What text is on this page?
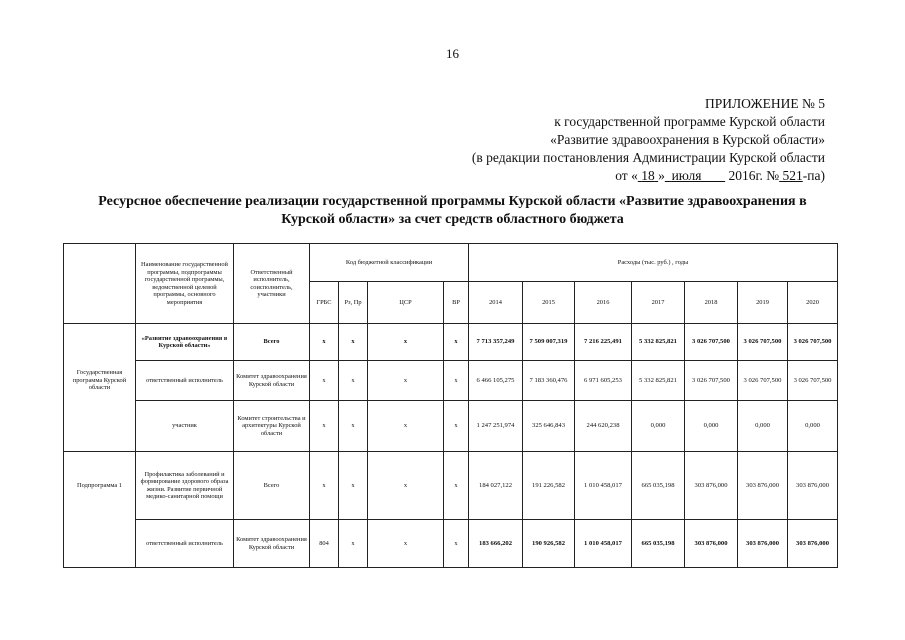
16
ПРИЛОЖЕНИЕ № 5
к государственной программе Курской области
«Развитие здравоохранения в Курской области»
(в редакции постановления Администрации Курской области
от « 18 » июля 2016г. № 521-па)
Ресурсное обеспечение реализации государственной программы Курской области «Развитие здравоохранения в
Курской области» за счет средств областного бюджета
	Наименование государственной программы, подпрограммы государственной программы, ведомственной целевой программы, основного мероприятия	Ответственный исполнитель, соисполнитель, участники	Код бюджетной классификации				Расходы (тыс. руб.) , годы						
			ГРБС	Рз, Пр	ЦСР	ВР	2014	2015	2016	2017	2018	2019	2020
	«Развитие здравоохранения в Курской области»	Всего	х	х	х	х	7 713 357,249	7 509 007,319	7 216 225,491	5 332 825,821	3 026 707,500	3 026 707,500	3 026 707,500
Государственная программа Курской области	ответственный исполнитель	Комитет здравоохранения Курской области	х	х	х	х	6 466 105,275	7 183 360,476	6 971 605,253	5 332 825,821	3 026 707,500	3 026 707,500	3 026 707,500
	участник	Комитет строительства и архитектуры Курской области	х	х	х	х	1 247 251,974	325 646,843	244 620,238	0,000	0,000	0,000	0,000
Подпрограмма 1	Профилактика заболеваний и формирование здорового образа жизни. Развитие первичной медико-санитарной помощи	Всего	х	х	х	х	184 027,122	191 226,582	1 010 458,017	665 035,198	303 876,000	303 876,000	303 876,000
	ответственный исполнитель	Комитет здравоохранения Курской области	804	х	х	х	183 666,202	190 926,582	1 010 458,017	665 035,198	303 876,000	303 876,000	303 876,000
